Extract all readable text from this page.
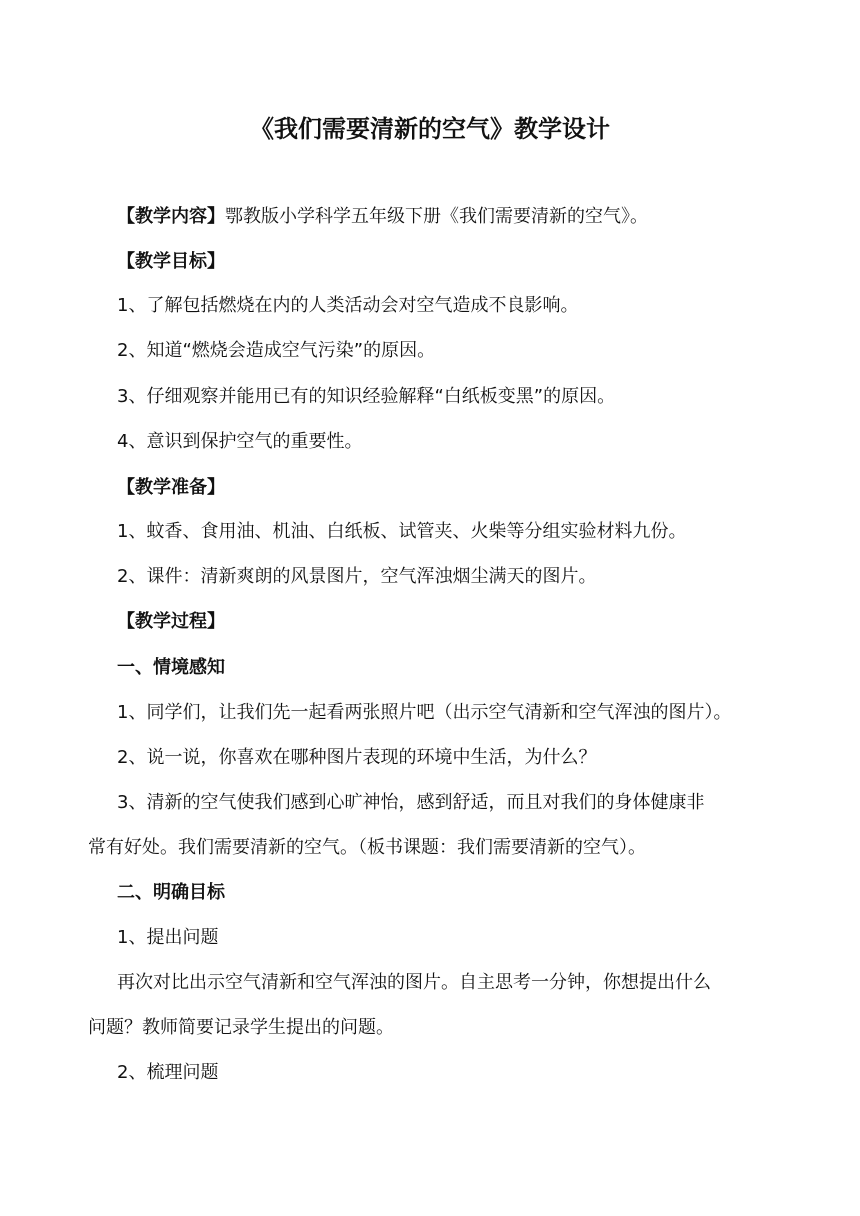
《我们需要清新的空气》教学设计
【教学内容】鄂教版小学科学五年级下册《我们需要清新的空气》。
【教学目标】
1、了解包括燃烧在内的人类活动会对空气造成不良影响。
2、知道“燃烧会造成空气污染”的原因。
3、仔细观察并能用已有的知识经验解释“白纸板变黑”的原因。
4、意识到保护空气的重要性。
【教学准备】
1、蚊香、食用油、机油、白纸板、试管夹、火柴等分组实验材料九份。
2、课件：清新爽朗的风景图片，空气浑浊烟尘满天的图片。
【教学过程】
一、情境感知
1、同学们，让我们先一起看两张照片吧（出示空气清新和空气浑浊的图片）。
2、说一说，你喜欢在哪种图片表现的环境中生活，为什么？
3、清新的空气使我们感到心旷神怡，感到舒适，而且对我们的身体健康非
常有好处。我们需要清新的空气。（板书课题：我们需要清新的空气）。
二、明确目标
1、提出问题
再次对比出示空气清新和空气浑浊的图片。自主思考一分钟，你想提出什么
问题？教师简要记录学生提出的问题。
2、梳理问题
